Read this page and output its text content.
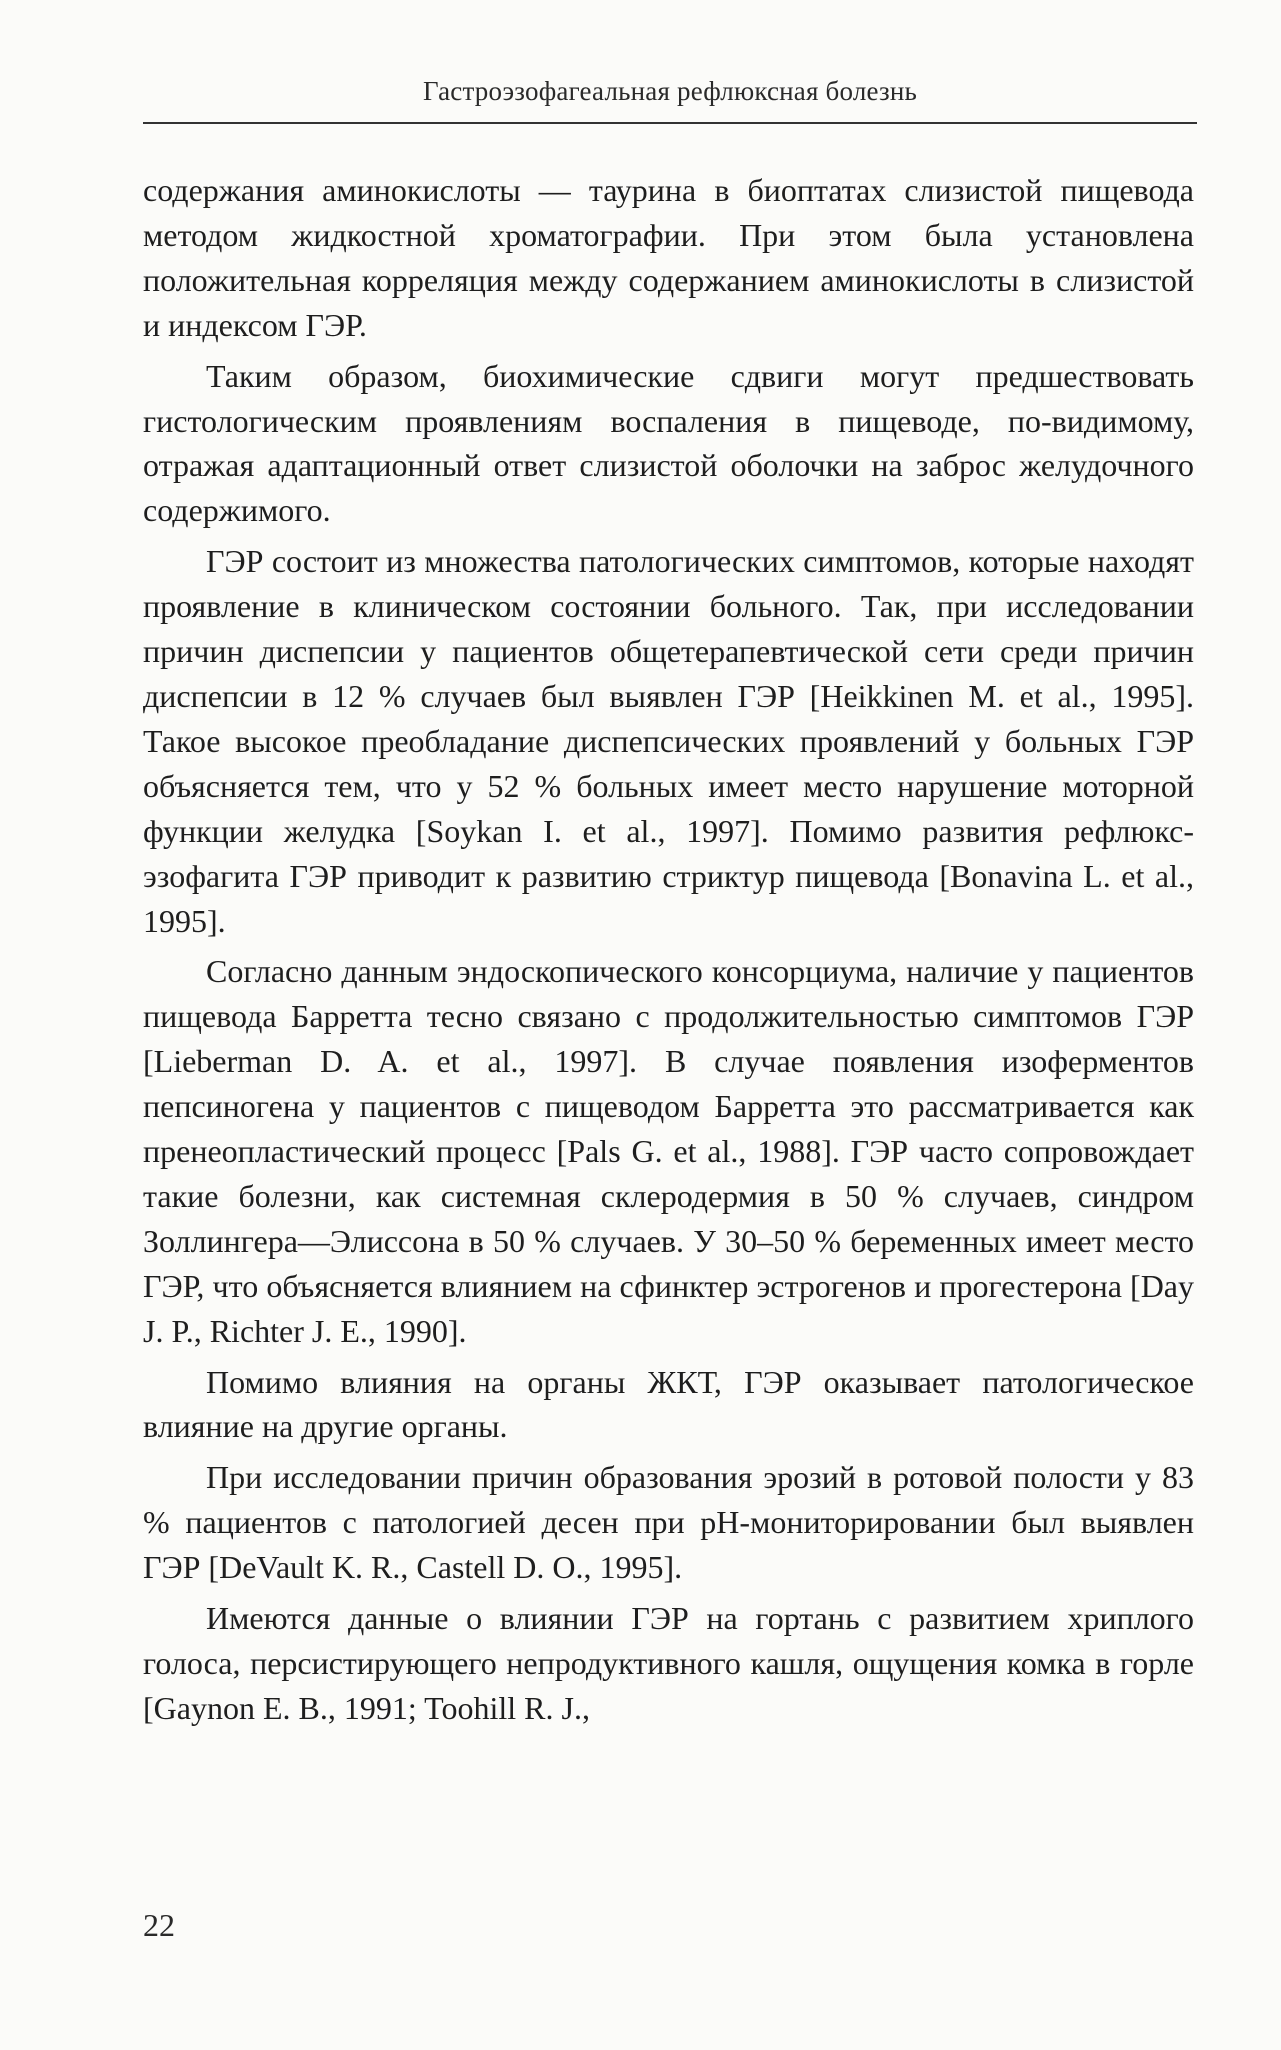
Гастроэзофагеальная рефлюксная болезнь

содержания аминокислоты — таурина в биоптатах слизистой пищевода методом жидкостной хроматографии. При этом была установлена положительная корреляция между содержанием аминокислоты в слизистой и индексом ГЭР.

Таким образом, биохимические сдвиги могут предшествовать гистологическим проявлениям воспаления в пищеводе, по-видимому, отражая адаптационный ответ слизистой оболочки на заброс желудочного содержимого.

ГЭР состоит из множества патологических симптомов, которые находят проявление в клиническом состоянии больного. Так, при исследовании причин диспепсии у пациентов общетерапевтической сети среди причин диспепсии в 12 % случаев был выявлен ГЭР [Heikkinen M. et al., 1995]. Такое высокое преобладание диспепсических проявлений у больных ГЭР объясняется тем, что у 52 % больных имеет место нарушение моторной функции желудка [Soykan I. et al., 1997]. Помимо развития рефлюкс-эзофагита ГЭР приводит к развитию стриктур пищевода [Bonavina L. et al., 1995].

Согласно данным эндоскопического консорциума, наличие у пациентов пищевода Барретта тесно связано с продолжительностью симптомов ГЭР [Lieberman D. A. et al., 1997]. В случае появления изоферментов пепсиногена у пациентов с пищеводом Барретта это рассматривается как пренеопластический процесс [Pals G. et al., 1988]. ГЭР часто сопровождает такие болезни, как системная склеродермия в 50 % случаев, синдром Золлингера—Элиссона в 50 % случаев. У 30–50 % беременных имеет место ГЭР, что объясняется влиянием на сфинктер эстрогенов и прогестерона [Day J. P., Richter J. E., 1990].

Помимо влияния на органы ЖКТ, ГЭР оказывает патологическое влияние на другие органы.

При исследовании причин образования эрозий в ротовой полости у 83 % пациентов с патологией десен при pH-мониторировании был выявлен ГЭР [DeVault K. R., Castell D. O., 1995].

Имеются данные о влиянии ГЭР на гортань с развитием хриплого голоса, персистирующего непродуктивного кашля, ощущения комка в горле [Gaynon E. B., 1991; Toohill R. J.,

22
